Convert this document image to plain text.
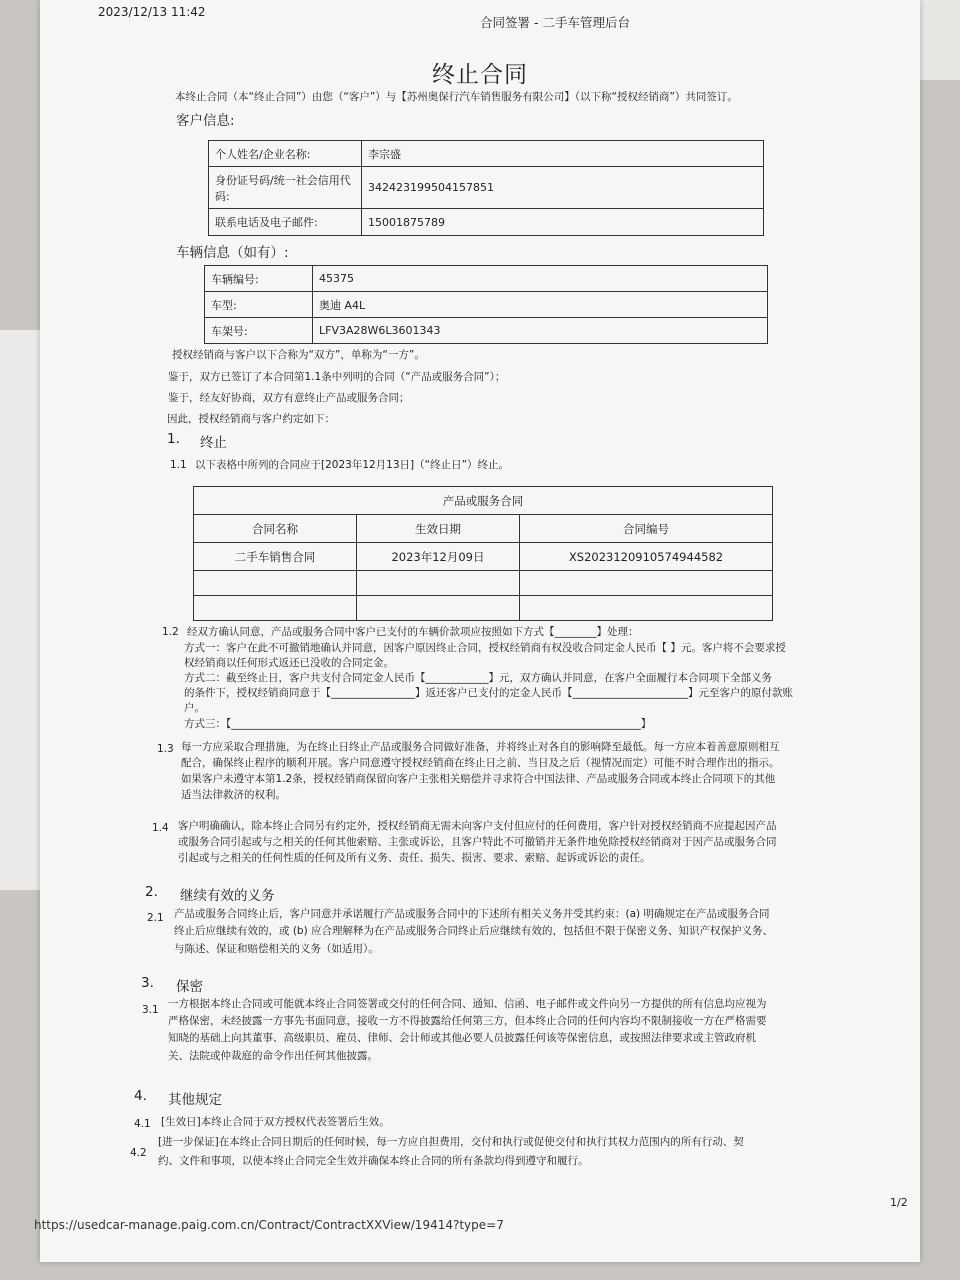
2023/12/13 11:42
合同签署 - 二手车管理后台
终止合同
本终止合同（本“终止合同”）由您（“客户”）与【苏州奥保行汽车销售服务有限公司】（以下称“授权经销商”）共同签订。
客户信息:
个人姓名/企业名称:	李宗盛
身份证号码/统一社会信用代码:	342423199504157851
联系电话及电子邮件:	15001875789
车辆信息（如有）:
车辆编号:	45375
车型:	奥迪 A4L
车架号:	LFV3A28W6L3601343
授权经销商与客户以下合称为“双方”，单称为“一方”。
鉴于，双方已签订了本合同第1.1条中列明的合同（“产品或服务合同”）；
鉴于，经友好协商，双方有意终止产品或服务合同；
因此，授权经销商与客户约定如下：
1. 终止
1.1 以下表格中所列的合同应于[2023年12月13日]（“终止日”）终止。
产品或服务合同		
合同名称	生效日期	合同编号
二手车销售合同	2023年12月09日	XS2023120910574944582

1.2 经双方确认同意，产品或服务合同中客户已支付的车辆价款项应按照如下方式【________】处理：
方式一：客户在此不可撤销地确认并同意，因客户原因终止合同，授权经销商有权没收合同定金人民币【 】元。客户将不会要求授
权经销商以任何形式返还已没收的合同定金。
方式二：截至终止日，客户共支付合同定金人民币【____________】元，双方确认并同意，在客户全面履行本合同项下全部义务
的条件下，授权经销商同意于【________________】返还客户已支付的定金人民币【______________________】元至客户的原付款账
户。
方式三：【______________________________________________________________________________】
1.3 每一方应采取合理措施，为在终止日终止产品或服务合同做好准备，并将终止对各自的影响降至最低。每一方应本着善意原则相互
配合，确保终止程序的顺利开展。客户同意遵守授权经销商在终止日之前、当日及之后（视情况而定）可能不时合理作出的指示。
如果客户未遵守本第1.2条，授权经销商保留向客户主张相关赔偿并寻求符合中国法律、产品或服务合同或本终止合同项下的其他
适当法律救济的权利。
1.4 客户明确确认，除本终止合同另有约定外，授权经销商无需未向客户支付但应付的任何费用，客户针对授权经销商不应提起因产品
或服务合同引起或与之相关的任何其他索赔、主张或诉讼，且客户特此不可撤销并无条件地免除授权经销商对于因产品或服务合同
引起或与之相关的任何性质的任何及所有义务、责任、损失、损害、要求、索赔、起诉或诉讼的责任。
2. 继续有效的义务
2.1 产品或服务合同终止后，客户同意并承诺履行产品或服务合同中的下述所有相关义务并受其约束：(a) 明确规定在产品或服务合同
终止后应继续有效的，或 (b) 应合理解释为在产品或服务合同终止后应继续有效的，包括但不限于保密义务、知识产权保护义务、
与陈述、保证和赔偿相关的义务（如适用）。
3. 保密
3.1 一方根据本终止合同或可能就本终止合同签署或交付的任何合同、通知、信函、电子邮件或文件向另一方提供的所有信息均应视为
严格保密，未经披露一方事先书面同意，接收一方不得披露给任何第三方，但本终止合同的任何内容均不限制接收一方在严格需要
知晓的基础上向其董事、高级职员、雇员、律师、会计师或其他必要人员披露任何该等保密信息，或按照法律要求或主管政府机
关、法院或仲裁庭的命令作出任何其他披露。
4. 其他规定
4.1 [生效日]本终止合同于双方授权代表签署后生效。
4.2
[进一步保证]在本终止合同日期后的任何时候，每一方应自担费用，交付和执行或促使交付和执行其权力范围内的所有行动、契
约、文件和事项，以使本终止合同完全生效并确保本终止合同的所有条款均得到遵守和履行。
1/2
https://usedcar-manage.paig.com.cn/Contract/ContractXXView/19414?type=7
